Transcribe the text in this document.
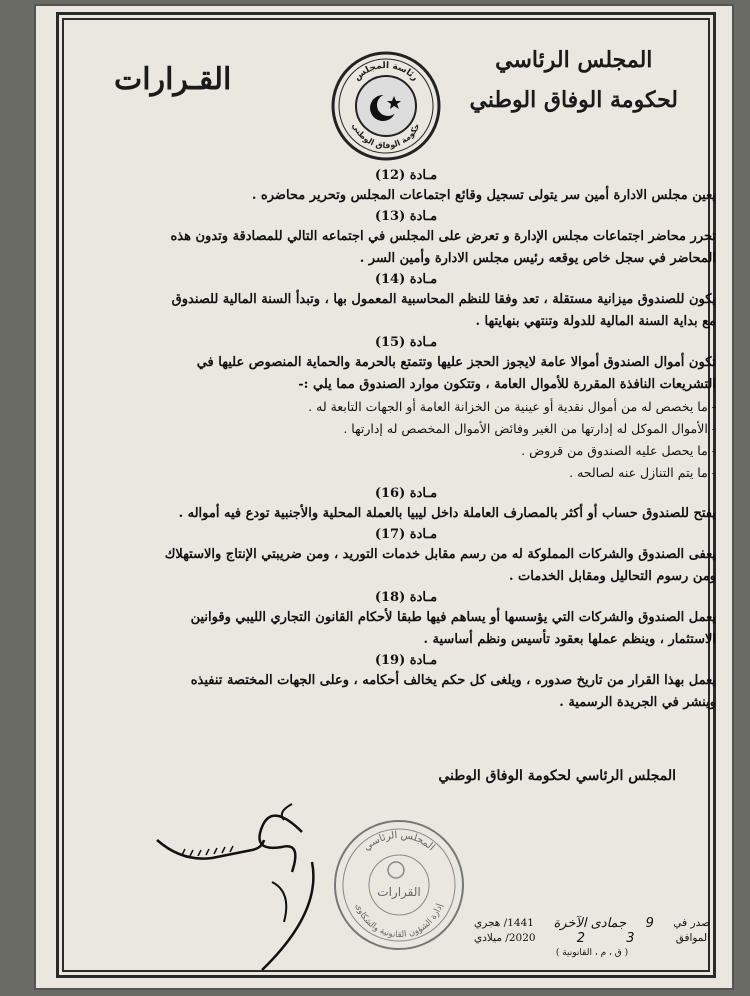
المجلس الرئاسي
لحكومة الوفاق الوطني
القـرارات	رئاسة المجلس
حكومة الوفاق الوطني
مـادة (12)
يعين مجلس الادارة أمين سر يتولى تسجيل وقائع اجتماعات المجلس وتحرير محاضره .
مـادة (13)
تحرر محاضر اجتماعات مجلس الإدارة و تعرض على المجلس في اجتماعه التالي للمصادقة وتدون هذه
المحاضر في سجل خاص يوقعه رئيس مجلس الادارة وأمين السر .
مـادة (14)
يكون للصندوق ميزانية مستقلة ، تعد وفقا للنظم المحاسبية المعمول بها ، وتبدأ السنة المالية للصندوق
مع بداية السنة المالية للدولة وتنتهي بنهايتها .
مـادة (15)
تكون أموال الصندوق أموالا عامة لايجوز الحجز عليها وتتمتع بالحرمة والحماية المنصوص عليها في
التشريعات النافذة المقررة للأموال العامة ، وتتكون موارد الصندوق مما يلي :-
- ما يخصص له من أموال نقدية أو عينية من الخزانة العامة أو الجهات التابعة له .
- الأموال الموكل له إدارتها من الغير وفائض الأموال المخصص له إدارتها .
- ما يحصل عليه الصندوق من قروض .
- ما يتم التنازل عنه لصالحه .
مـادة (16)
يفتح للصندوق حساب أو أكثر بالمصارف العاملة داخل ليبيا بالعملة المحلية والأجنبية تودع فيه أمواله .
مـادة (17)
يعفى الصندوق والشركات المملوكة له من رسم مقابل خدمات التوريد ، ومن ضريبتي الإنتاج والاستهلاك
ومن رسوم التحاليل ومقابل الخدمات .
مـادة (18)
يعمل الصندوق والشركات التي يؤسسها أو يساهم فيها طبقا لأحكام القانون التجاري الليبي وقوانين
الاستثمار ، وينظم عملها بعقود تأسيس ونظم أساسية .
مـادة (19)
يعمل بهذا القرار من تاريخ صدوره ، ويلغى كل حكم يخالف أحكامه ، وعلى الجهات المختصة تنفيذه
وينشر في الجريدة الرسمية .
المجلس الرئاسي لحكومة الوفاق الوطني
المجلس الرئاسي
إدارة الشؤون القانونية والشكاوى
القرارات
صدر في
9
جمادى الآخرة
1441/ هجري
الموافق
3
2
2020/ ميلادي
( ق ، م ، القانونية )
